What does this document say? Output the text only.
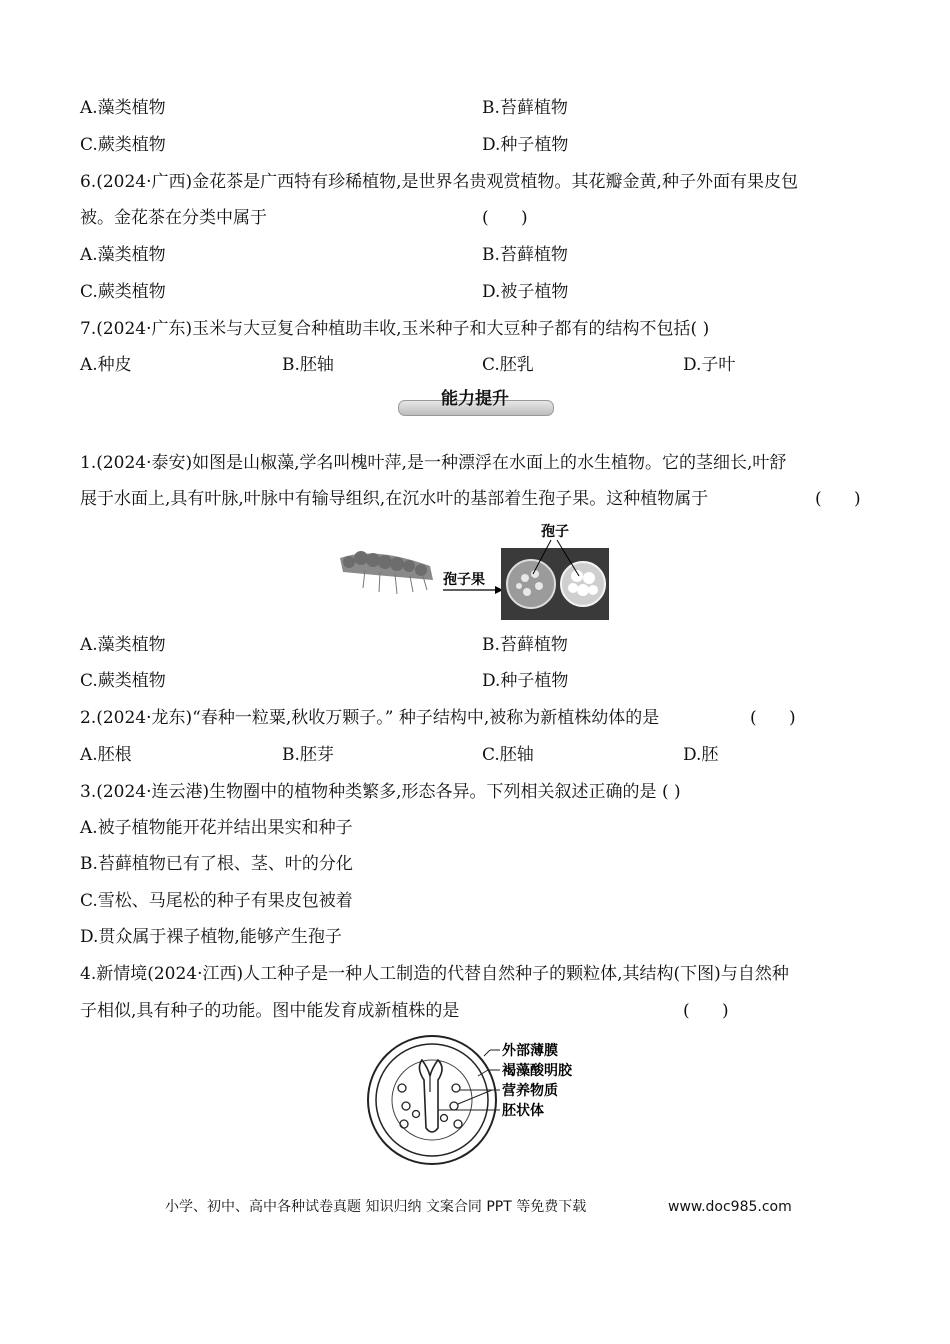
A.藻类植物	B.苔藓植物
C.蕨类植物	D.种子植物
6.(2024·广西)金花茶是广西特有珍稀植物,是世界名贵观赏植物。其花瓣金黄,种子外面有果皮包
被。金花茶在分类中属于	(      )
A.藻类植物	B.苔藓植物
C.蕨类植物	D.被子植物
7.(2024·广东)玉米与大豆复合种植助丰收,玉米种子和大豆种子都有的结构不包括( )
A.种皮	B.胚轴	C.胚乳	D.子叶
能力提升
1.(2024·泰安)如图是山椒藻,学名叫槐叶萍,是一种漂浮在水面上的水生植物。它的茎细长,叶舒
展于水面上,具有叶脉,叶脉中有输导组织,在沉水叶的基部着生孢子果。这种植物属于	(      )
孢子果
孢子
A.藻类植物	B.苔藓植物
C.蕨类植物	D.种子植物
2.(2024·龙东)“春种一粒粟,秋收万颗子。” 种子结构中,被称为新植株幼体的是	(      )
A.胚根	B.胚芽	C.胚轴	D.胚
3.(2024·连云港)生物圈中的植物种类繁多,形态各异。下列相关叙述正确的是 ( )
A.被子植物能开花并结出果实和种子
B.苔藓植物已有了根、茎、叶的分化
C.雪松、马尾松的种子有果皮包被着
D.贯众属于裸子植物,能够产生孢子
4.新情境(2024·江西)人工种子是一种人工制造的代替自然种子的颗粒体,其结构(下图)与自然种
子相似,具有种子的功能。图中能发育成新植株的是	(      )
外部薄膜
褐藻酸明胶
营养物质
胚状体
小学、初中、高中各种试卷真题 知识归纳 文案合同 PPT 等免费下载	www.doc985.com
